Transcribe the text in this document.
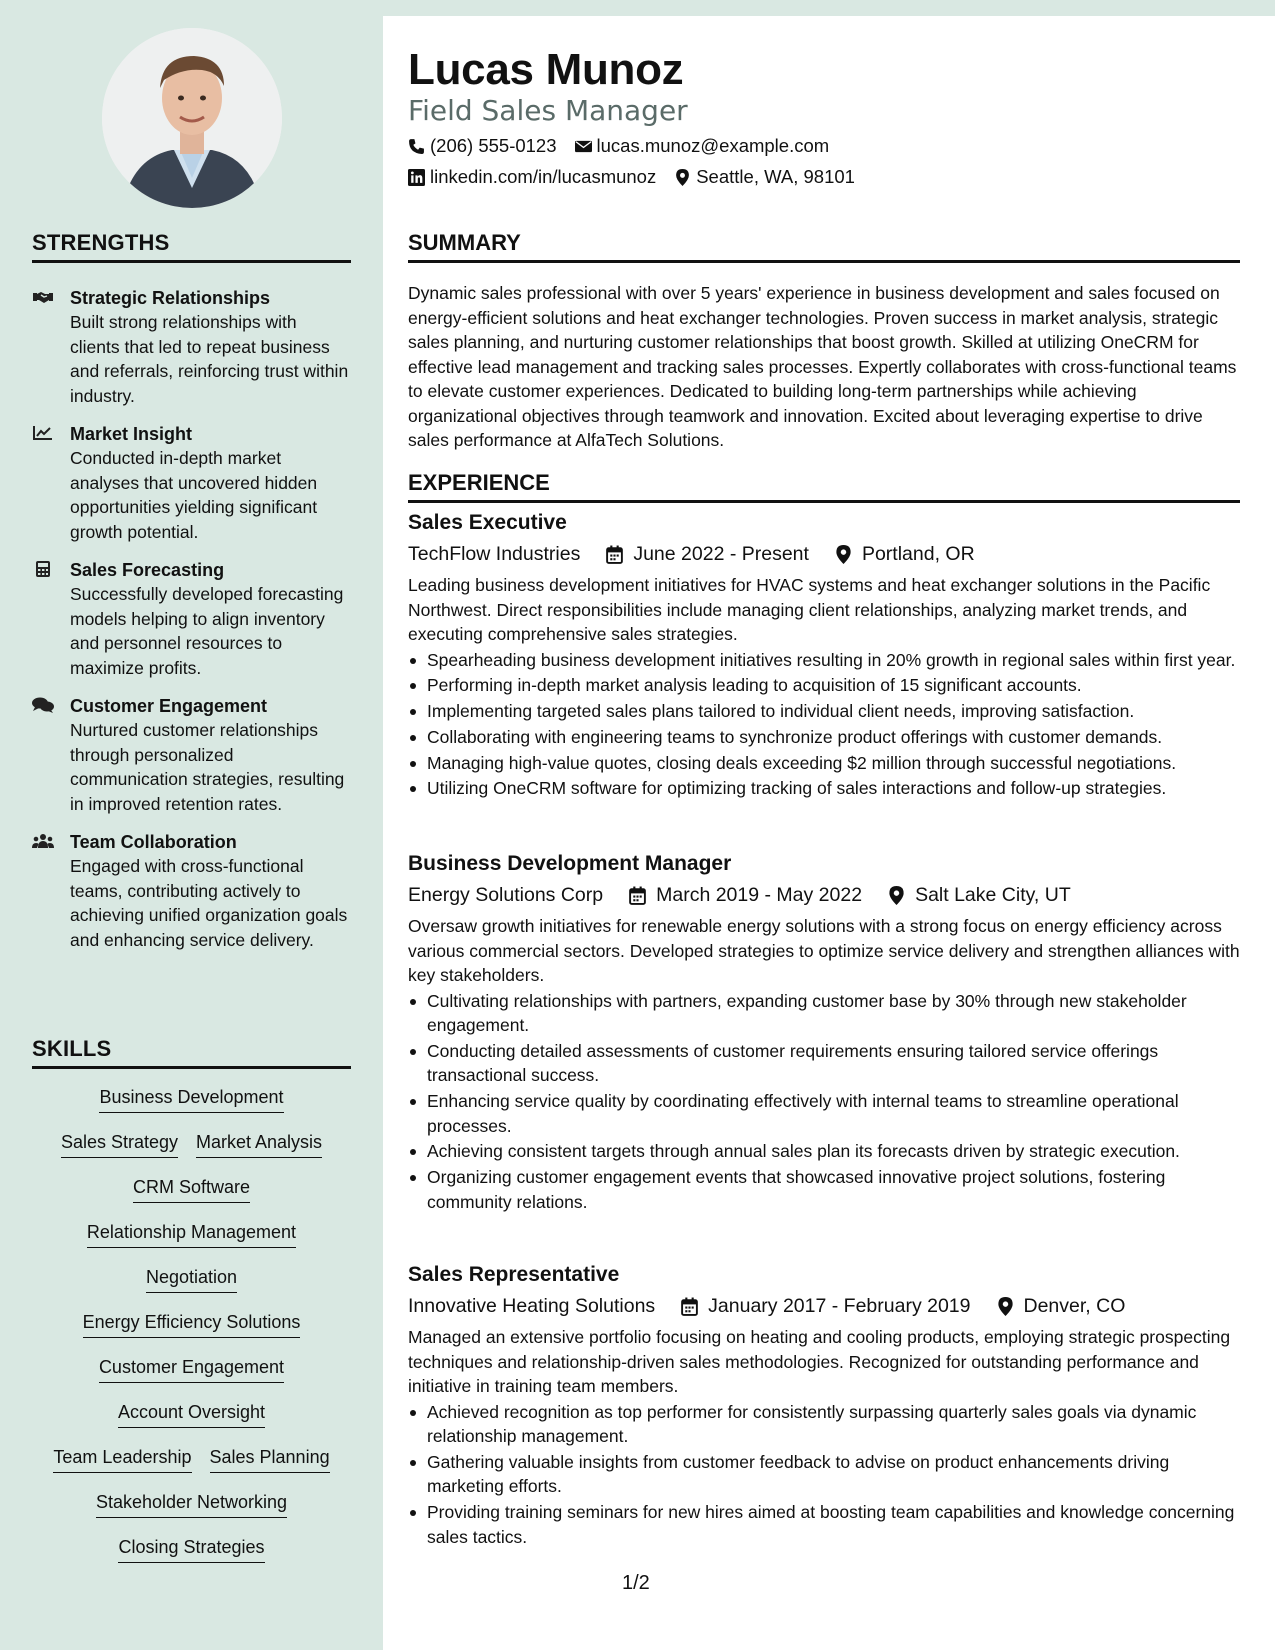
STRENGTHS
Strategic Relationships
Built strong relationships with clients that led to repeat business and referrals, reinforcing trust within industry.
Market Insight
Conducted in-depth market analyses that uncovered hidden opportunities yielding significant growth potential.
Sales Forecasting
Successfully developed forecasting models helping to align inventory and personnel resources to maximize profits.
Customer Engagement
Nurtured customer relationships through personalized communication strategies, resulting in improved retention rates.
Team Collaboration
Engaged with cross-functional teams, contributing actively to achieving unified organization goals and enhancing service delivery.
SKILLS
Business Development
Sales Strategy Market Analysis
CRM Software
Relationship Management
Negotiation
Energy Efficiency Solutions
Customer Engagement
Account Oversight
Team Leadership Sales Planning
Stakeholder Networking
Closing Strategies
Lucas Munoz
Field Sales Manager
(206) 555-0123 lucas.munoz@example.com
linkedin.com/in/lucasmunoz Seattle, WA, 98101
SUMMARY
Dynamic sales professional with over 5 years' experience in business development and sales focused on energy-efficient solutions and heat exchanger technologies. Proven success in market analysis, strategic sales planning, and nurturing customer relationships that boost growth. Skilled at utilizing OneCRM for effective lead management and tracking sales processes. Expertly collaborates with cross-functional teams to elevate customer experiences. Dedicated to building long-term partnerships while achieving organizational objectives through teamwork and innovation. Excited about leveraging expertise to drive sales performance at AlfaTech Solutions.
EXPERIENCE
Sales Executive
TechFlow Industries	June 2022 - Present	Portland, OR
Leading business development initiatives for HVAC systems and heat exchanger solutions in the Pacific Northwest. Direct responsibilities include managing client relationships, analyzing market trends, and executing comprehensive sales strategies.
Spearheading business development initiatives resulting in 20% growth in regional sales within first year.
Performing in-depth market analysis leading to acquisition of 15 significant accounts.
Implementing targeted sales plans tailored to individual client needs, improving satisfaction.
Collaborating with engineering teams to synchronize product offerings with customer demands.
Managing high-value quotes, closing deals exceeding $2 million through successful negotiations.
Utilizing OneCRM software for optimizing tracking of sales interactions and follow-up strategies.
Business Development Manager
Energy Solutions Corp	March 2019 - May 2022	Salt Lake City, UT
Oversaw growth initiatives for renewable energy solutions with a strong focus on energy efficiency across various commercial sectors. Developed strategies to optimize service delivery and strengthen alliances with key stakeholders.
Cultivating relationships with partners, expanding customer base by 30% through new stakeholder engagement.
Conducting detailed assessments of customer requirements ensuring tailored service offerings transactional success.
Enhancing service quality by coordinating effectively with internal teams to streamline operational processes.
Achieving consistent targets through annual sales plan its forecasts driven by strategic execution.
Organizing customer engagement events that showcased innovative project solutions, fostering community relations.
Sales Representative
Innovative Heating Solutions	January 2017 - February 2019	Denver, CO
Managed an extensive portfolio focusing on heating and cooling products, employing strategic prospecting techniques and relationship-driven sales methodologies. Recognized for outstanding performance and initiative in training team members.
Achieved recognition as top performer for consistently surpassing quarterly sales goals via dynamic relationship management.
Gathering valuable insights from customer feedback to advise on product enhancements driving marketing efforts.
Providing training seminars for new hires aimed at boosting team capabilities and knowledge concerning sales tactics.
1/2
